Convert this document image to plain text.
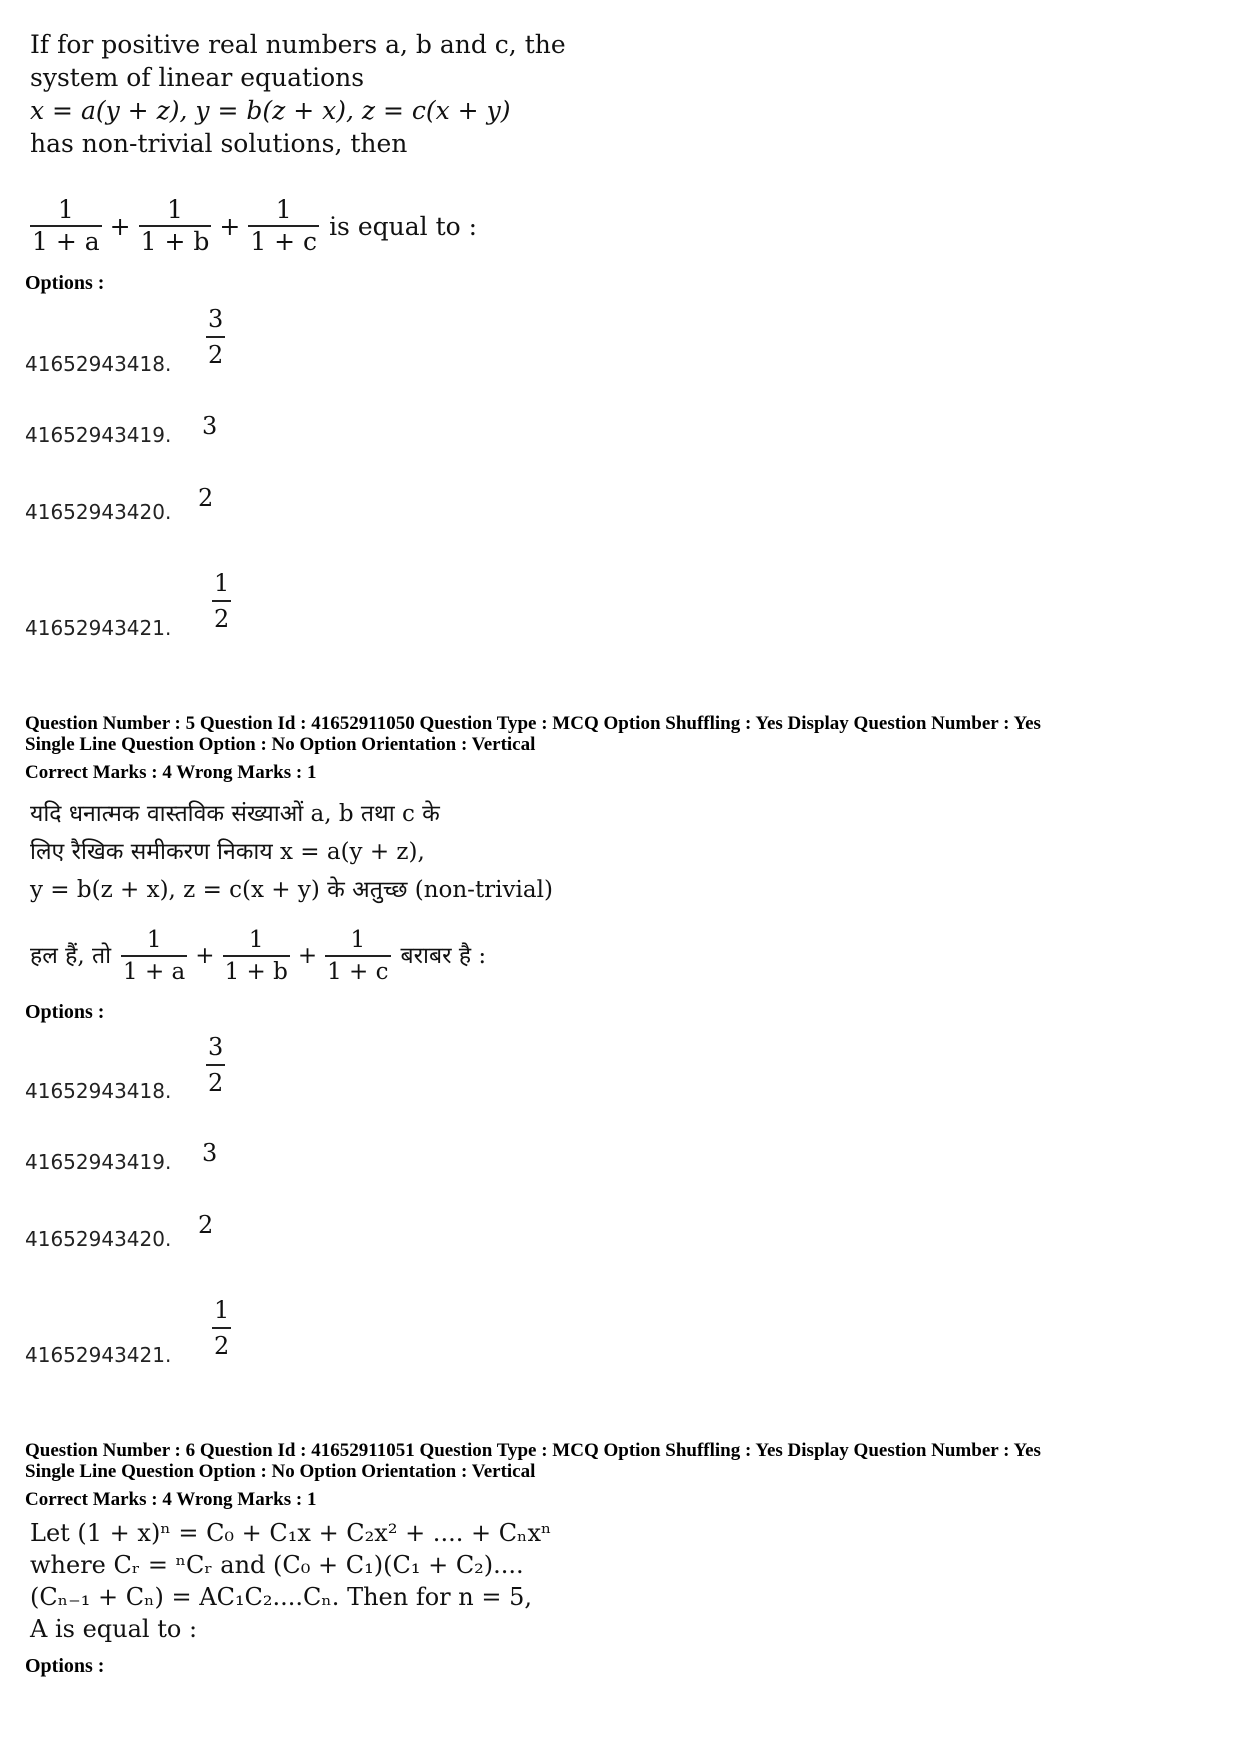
If for positive real numbers a, b and c, the
system of linear equations
x = a(y + z), y = b(z + x), z = c(x + y)
has non-trivial solutions, then
$\frac{1}{1 + a} + \frac{1}{1 + b} + \frac{1}{1 + c}$ is equal to :
Options :
41652943418.
3
2
41652943419. 3
41652943420. 2
41652943421.
1
2
Question Number : 5 Question Id : 41652911050 Question Type : MCQ Option Shuffling : Yes Display Question Number : Yes
Single Line Question Option : No Option Orientation : Vertical
Correct Marks : 4 Wrong Marks : 1
यदि धनात्मक वास्तविक संख्याओं a, b तथा c के
लिए रैखिक समीकरण निकाय x = a(y + z),
y = b(z + x), z = c(x + y) के अतुच्छ (non-trivial)
हल हैं, तो $\frac{1}{1 + a} + \frac{1}{1 + b} + \frac{1}{1 + c}$ बराबर है :
Options :
41652943418.
3
2
41652943419. 3
41652943420. 2
41652943421.
1
2
Question Number : 6 Question Id : 41652911051 Question Type : MCQ Option Shuffling : Yes Display Question Number : Yes
Single Line Question Option : No Option Orientation : Vertical
Correct Marks : 4 Wrong Marks : 1
Let (1 + x)ⁿ = C₀ + C₁x + C₂x² + .... + Cₙxⁿ
where Cᵣ = ⁿCᵣ and (C₀ + C₁)(C₁ + C₂)....
(Cₙ₋₁ + Cₙ) = AC₁C₂....Cₙ. Then for n = 5,
A is equal to :
Options :
